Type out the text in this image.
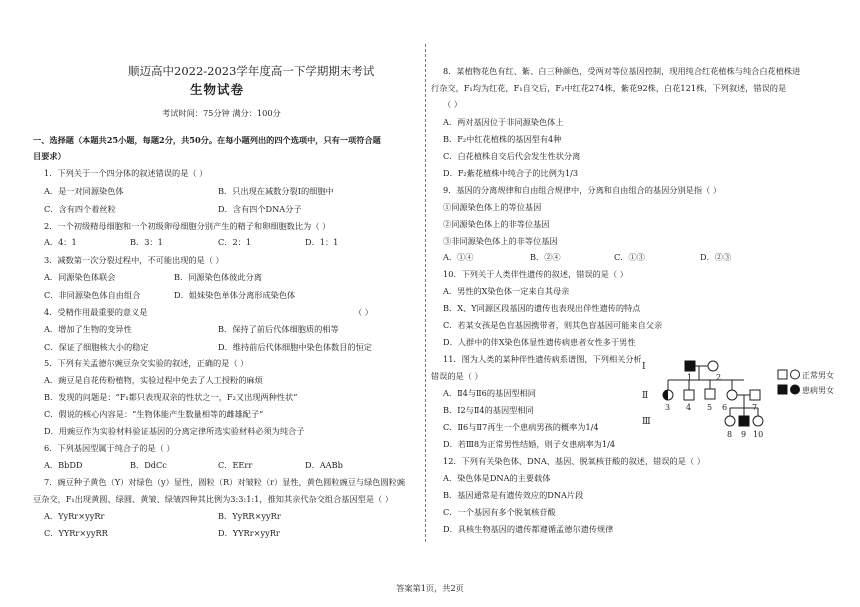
顺迈高中2022-2023学年度高一下学期期末考试
生物试卷
考试时间：75分钟 满分：100分
一、选择题（本题共25小题，每题2分，共50分。在每小题列出的四个选项中，只有一项符合题
目要求）
1．下列关于一个四分体的叙述错误的是（ ）
A．是一对同源染色体	B．只出现在减数分裂Ⅰ的细胞中
C．含有四个着丝粒	D．含有四个DNA分子
2．一个初级精母细胞和一个初级卵母细胞分别产生的精子和卵细胞数比为（ ）
A．4：1	B．3：1	C．2：1	D．1：1
3．减数第一次分裂过程中，不可能出现的是（ ）
A．同源染色体联会	B．同源染色体彼此分离
C．非同源染色体自由组合	D．姐妹染色单体分离形成染色体
4．受精作用最重要的意义是	（ ）
A．增加了生物的变异性	B．保持了前后代体细胞质的相等
C．保证了细胞核大小的稳定	D．维持前后代体细胞中染色体数目的恒定
5．下列有关孟德尔豌豆杂交实验的叙述，正确的是（ ）
A．豌豆是自花传粉植物，实验过程中免去了人工授粉的麻烦
B．发现的问题是：“F₁都只表现双亲的性状之一，F₂又出现两种性状”
C．假说的核心内容是：“生物体能产生数量相等的雌雄配子”
D．用豌豆作为实验材料验证基因的分离定律所选实验材料必须为纯合子
6．下列基因型属于纯合子的是（ ）
A．BbDD	B．DdCc	C．EErr	D．AABb
7．豌豆种子黄色（Y）对绿色（y）显性，圆粒（R）对皱粒（r）显性，黄色圆粒豌豆与绿色圆粒豌
豆杂交，F₁出现黄圆、绿圆、黄皱、绿皱四种其比例为3:3:1:1，推知其亲代杂交组合基因型是（ ）
A．YyRr×yyRr	B．YyRR×yyRr
C．YYRr×yyRR	D．YYRr×yyRr
8．某植物花色有红、紫、白三种颜色，受两对等位基因控制，现用纯合红花植株与纯合白花植株进
行杂交，F₁均为红花，F₁自交后，F₂中红花274株，紫花92株，白花121株，下列叙述，错误的是
（ ）
A．两对基因位于非同源染色体上
B．F₂中红花植株的基因型有4种
C．白花植株自交后代会发生性状分离
D．F₂紫花植株中纯合子的比例为1/3
9．基因的分离规律和自由组合规律中，分离和自由组合的基因分别是指（ ）
①同源染色体上的等位基因
②同源染色体上的非等位基因
③非同源染色体上的非等位基因
A．①④	B．②④	C．①③	D．②③
10．下列关于人类伴性遗传的叙述，错误的是（ ）
A．男性的X染色体一定来自其母亲
B．X、Y同源区段基因的遗传也表现出伴性遗传的特点
C．若某女孩是色盲基因携带者，则其色盲基因可能来自父亲
D．人群中的伴X染色体显性遗传病患者女性多于男性
11．图为人类的某种伴性遗传病系谱图，下列相关分析
错误的是（ ）
A．Ⅱ4与Ⅱ6的基因型相同
B．Ⅰ2与Ⅱ4的基因型相同
C．Ⅱ6与Ⅱ7再生一个患病男孩的概率为1/4
D．若Ⅲ8为正常男性结婚，则子女患病率为1/4
12．下列有关染色体、DNA、基因、脱氧核苷酸的叙述，错误的是（ ）
A．染色体是DNA的主要载体
B．基因通常是有遗传效应的DNA片段
C．一个基因有多个脱氧核苷酸
D．具核生物基因的遗传都遵循孟德尔遗传规律
Ⅰ
Ⅱ
Ⅲ
1	2
3 4 5 6	7
8 9 10
正常男女
患病男女
答案第1页，共2页
